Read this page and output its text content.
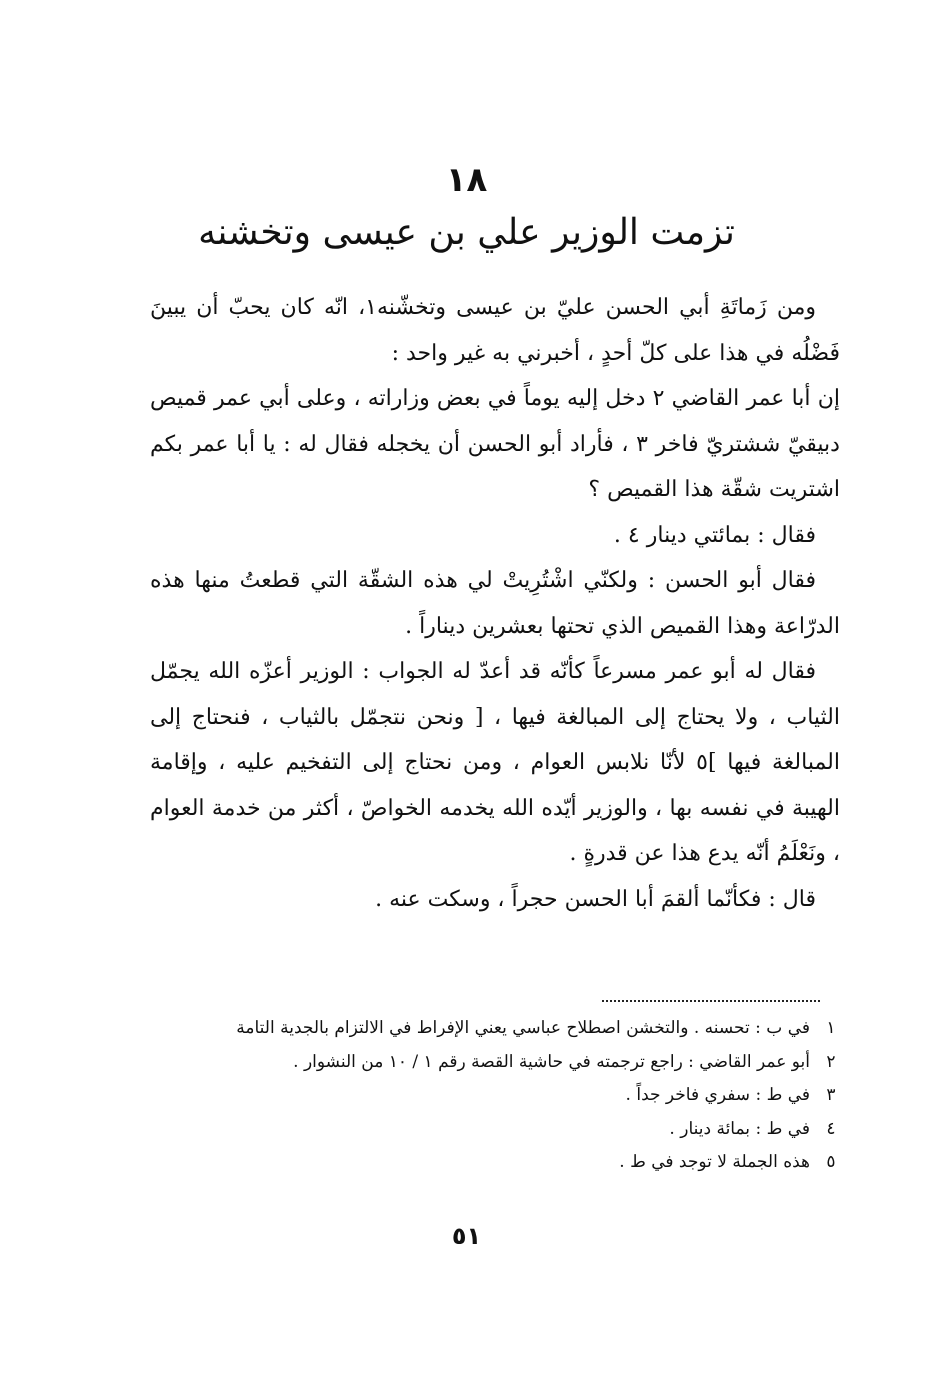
١٨
تزمت الوزير علي بن عيسى وتخشنه

ومن زَماتَةِ أبي الحسن عليّ بن عيسى وتخشّنه١، انّه كان يحبّ أن يبينَ فَضْلُه في هذا على كلّ أحدٍ ، أخبرني به غير واحد :

إن أبا عمر القاضي ٢ دخل إليه يوماً في بعض وزاراته ، وعلى أبي عمر قميص دبيقيّ ششتريّ فاخر ٣ ، فأراد أبو الحسن أن يخجله فقال له : يا أبا عمر بكم اشتريت شقّة هذا القميص ؟

فقال : بمائتي دينار ٤ .

فقال أبو الحسن : ولكنّي اشْتُرِيتْ لي هذه الشقّة التي قطعتُ منها هذه الدرّاعة وهذا القميص الذي تحتها بعشرين ديناراً .

فقال له أبو عمر مسرعاً كأنّه قد أعدّ له الجواب : الوزير أعزّه الله يجمّل الثياب ، ولا يحتاج إلى المبالغة فيها ، [ ونحن نتجمّل بالثياب ، فنحتاج إلى المبالغة فيها ]٥ لأنّا نلابس العوام ، ومن نحتاج إلى التفخيم عليه ، وإقامة الهيبة في نفسه بها ، والوزير أيّده الله يخدمه الخواصّ ، أكثر من خدمة العوام ، ونَعْلَمُ أنّه يدع هذا عن قدرةٍ .

قال : فكأنّما ألقمَ أبا الحسن حجراً ، وسكت عنه .

١
في ب : تحسنه . والتخشن اصطلاح عباسي يعني الإفراط في الالتزام بالجدية التامة
٢
أبو عمر القاضي : راجع ترجمته في حاشية القصة رقم ١ / ١٠ من النشوار .
٣
في ط : سفري فاخر جداً .
٤
في ط : بمائة دينار .
٥
هذه الجملة لا توجد في ط .
٥١
